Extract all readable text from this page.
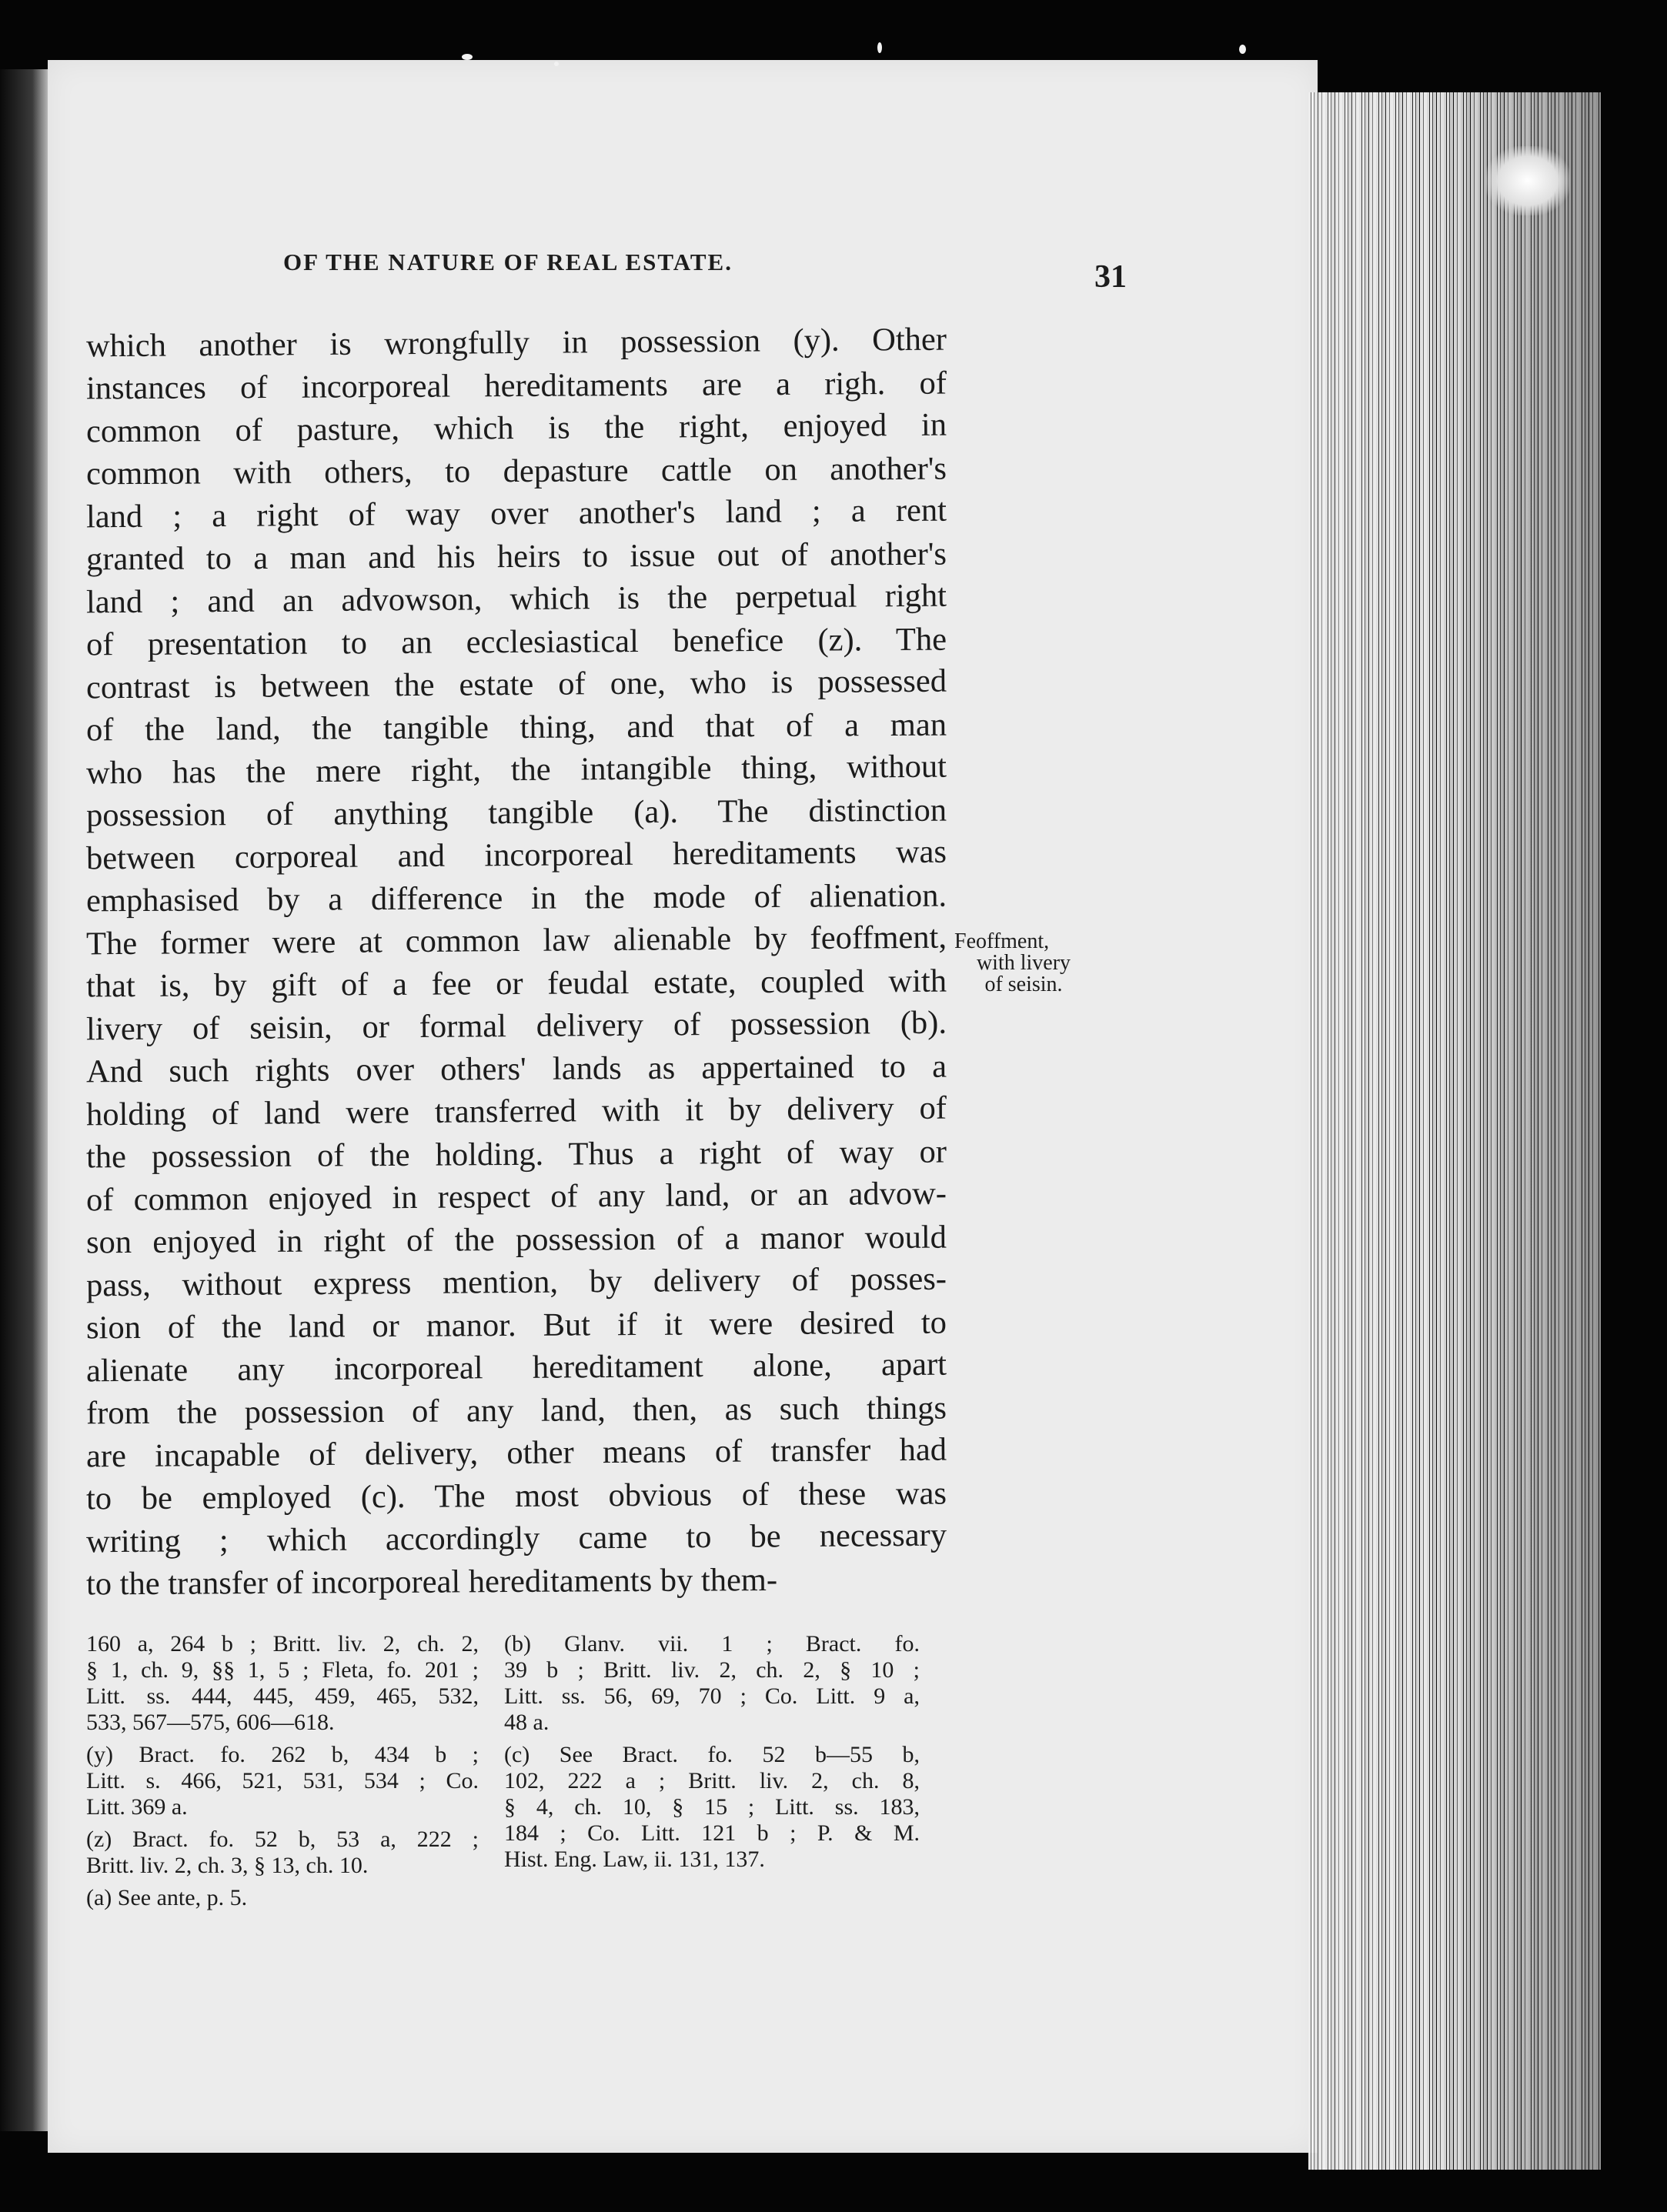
OF THE NATURE OF REAL ESTATE.	31
which another is wrongfully in possession (y). Other
instances of incorporeal hereditaments are a righ. of
common of pasture, which is the right, enjoyed in
common with others, to depasture cattle on another's
land ; a right of way over another's land ; a rent
granted to a man and his heirs to issue out of another's
land ; and an advowson, which is the perpetual right
of presentation to an ecclesiastical benefice (z). The
contrast is between the estate of one, who is possessed
of the land, the tangible thing, and that of a man
who has the mere right, the intangible thing, without
possession of anything tangible (a). The distinction
between corporeal and incorporeal hereditaments was
emphasised by a difference in the mode of alienation.
The former were at common law alienable by feoffment,
that is, by gift of a fee or feudal estate, coupled with
livery of seisin, or formal delivery of possession (b).
And such rights over others' lands as appertained to a
holding of land were transferred with it by delivery of
the possession of the holding. Thus a right of way or
of common enjoyed in respect of any land, or an advow-
son enjoyed in right of the possession of a manor would
pass, without express mention, by delivery of posses-
sion of the land or manor. But if it were desired to
alienate any incorporeal hereditament alone, apart
from the possession of any land, then, as such things
are incapable of delivery, other means of transfer had
to be employed (c). The most obvious of these was
writing ; which accordingly came to be necessary
to the transfer of incorporeal hereditaments by them-
Feoffment,
with livery
of seisin.
160 a, 264 b ; Britt. liv. 2, ch. 2,
§ 1, ch. 9, §§ 1, 5 ; Fleta, fo. 201 ;
Litt. ss. 444, 445, 459, 465, 532,
533, 567—575, 606—618.
(y) Bract. fo. 262 b, 434 b ;
Litt. s. 466, 521, 531, 534 ; Co.
Litt. 369 a.
(z) Bract. fo. 52 b, 53 a, 222 ;
Britt. liv. 2, ch. 3, § 13, ch. 10.
(a) See ante, p. 5.
(b) Glanv. vii. 1 ; Bract. fo.
39 b ; Britt. liv. 2, ch. 2, § 10 ;
Litt. ss. 56, 69, 70 ; Co. Litt. 9 a,
48 a.
(c) See Bract. fo. 52 b—55 b,
102, 222 a ; Britt. liv. 2, ch. 8,
§ 4, ch. 10, § 15 ; Litt. ss. 183,
184 ; Co. Litt. 121 b ; P. & M.
Hist. Eng. Law, ii. 131, 137.
